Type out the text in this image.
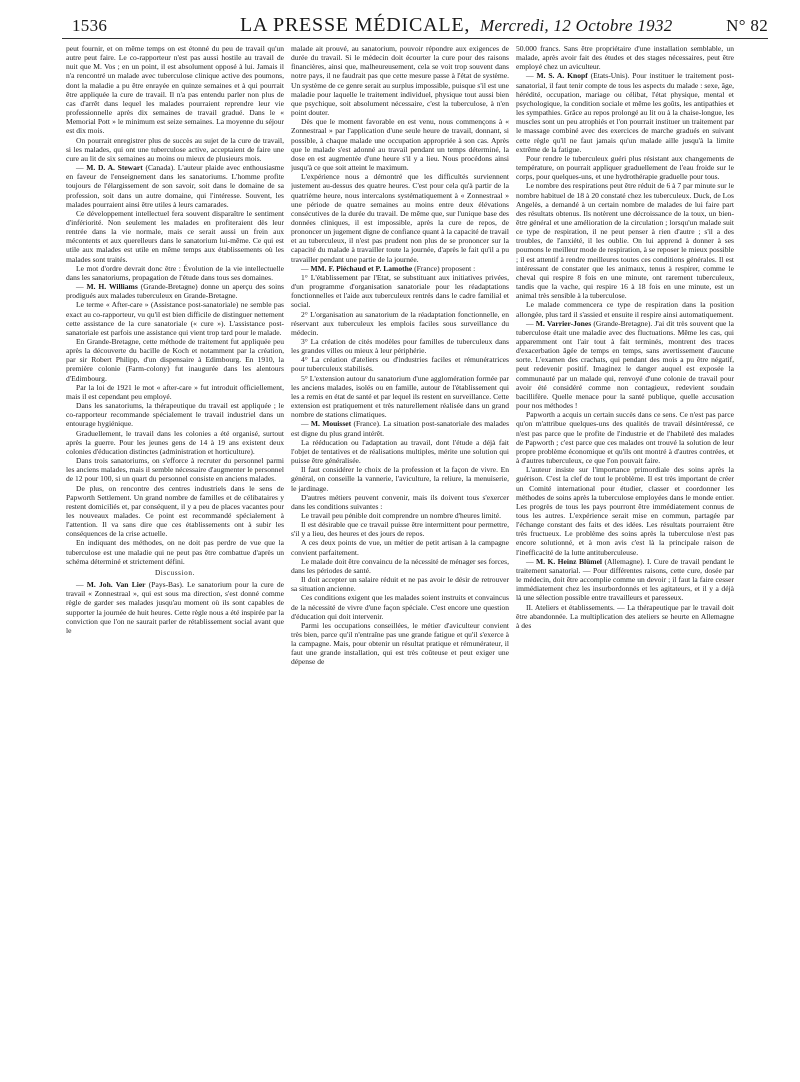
1536	LA PRESSE MÉDICALE, Mercredi, 12 Octobre 1932	N° 82

peut fournir, et on même temps on est étonné du peu de travail qu'un autre peut faire. Le co-rapporteur n'est pas aussi hostile au travail de nuit que M. Vos ; en un point, il est absolument opposé à lui. Jamais il n'a rencontré un malade avec tuberculose clinique active des poumons, dont la maladie a pu être enrayée en quinze semaines et à qui pourrait être appliquée la cure de travail. Il n'a pas entendu parler non plus de cas d'arrêt dans lequel les malades pourraient reprendre leur vie professionnelle après dix semaines de travail gradué. Dans le « Memorial Pott » le minimum est seize semaines. La moyenne du séjour est dix mois.

On pourrait enregistrer plus de succès au sujet de la cure de travail, si les malades, qui ont une tuberculose active, acceptaient de faire une cure au lit de six semaines au moins ou mieux de plusieurs mois.

— M. D. A. Stewart (Canada). L'auteur plaide avec enthousiasme en faveur de l'enseignement dans les sanatoriums. L'homme profite toujours de l'élargissement de son savoir, soit dans le domaine de sa profession, soit dans un autre domaine, qui l'intéresse. Souvent, les malades pourraient ainsi être utiles à leurs camarades.

Ce développement intellectuel fera souvent disparaître le sentiment d'infériorité. Non seulement les malades en profiteraient dès leur rentrée dans la vie normale, mais ce serait aussi un frein aux mécontents et aux querelleurs dans le sanatorium lui-même. Ce qui est utile aux malades est utile en même temps aux établissements où les malades sont traités.

Le mot d'ordre devrait donc être : Évolution de la vie intellectuelle dans les sanatoriums, propagation de l'étude dans tous ses domaines.

— M. H. Williams (Grande-Bretagne) donne un aperçu des soins prodigués aux malades tuberculeux en Grande-Bretagne.

Le terme « After-care » (Assistance post-sanatoriale) ne semble pas exact au co-rapporteur, vu qu'il est bien difficile de distinguer nettement cette assistance de la cure sanatoriale (« cure »). L'assistance post-sanatoriale est parfois une assistance qui vient trop tard pour le malade.

En Grande-Bretagne, cette méthode de traitement fut appliquée peu après la découverte du bacille de Koch et notamment par la création, par sir Robert Philipp, d'un dispensaire à Edimbourg. En 1910, la première colonie (Farm-colony) fut inaugurée dans les alentours d'Edimbourg.

Par la loi de 1921 le mot « after-care » fut introduit officiellement, mais il est cependant peu employé.

Dans les sanatoriums, la thérapeutique du travail est appliquée ; le co-rapporteur recommande spécialement le travail industriel dans un entourage hygiénique.

Graduellement, le travail dans les colonies a été organisé, surtout après la guerre. Pour les jeunes gens de 14 à 19 ans existent deux colonies d'éducation distinctes (administration et horticulture).

Dans trois sanatoriums, on s'efforce à recruter du personnel parmi les anciens malades, mais il semble nécessaire d'augmenter le personnel de 12 pour 100, si un quart du personnel consiste en anciens malades.

De plus, on rencontre des centres industriels dans le sens de Papworth Settlement. Un grand nombre de familles et de célibataires y restent domiciliés et, par conséquent, il y a peu de places vacantes pour les nouveaux malades. Ce point est recommandé spécialement à l'attention. Il va sans dire que ces établissements ont à subir les conséquences de la crise actuelle.

En indiquant des méthodes, on ne doit pas perdre de vue que la tuberculose est une maladie qui ne peut pas être combattue d'après un schéma déterminé et strictement défini.

Discussion.

— M. Joh. Van Lier (Pays-Bas). Le sanatorium pour la cure de travail « Zonnestraal », qui est sous ma direction, s'est donné comme règle de garder ses malades jusqu'au moment où ils sont capables de supporter la journée de huit heures. Cette règle nous a été inspirée par la conviction que l'on ne saurait parler de rétablissement social avant que le

malade ait prouvé, au sanatorium, pouvoir répondre aux exigences de durée du travail. Si le médecin doit écourter la cure pour des raisons financières, ainsi que, malheureusement, cela se voit trop souvent dans notre pays, il ne faudrait pas que cette mesure passe à l'état de système. Un système de ce genre serait au surplus impossible, puisque s'il est une maladie pour laquelle le traitement individuel, physique tout aussi bien que psychique, soit absolument nécessaire, c'est la tuberculose, à n'en point douter.

Dès que le moment favorable en est venu, nous commençons à « Zonnestraal » par l'application d'une seule heure de travail, donnant, si possible, à chaque malade une occupation appropriée à son cas. Après que le malade s'est adonné au travail pendant un temps déterminé, la dose en est augmentée d'une heure s'il y a lieu. Nous procédons ainsi jusqu'à ce que soit atteint le maximum.

L'expérience nous a démontré que les difficultés surviennent justement au-dessus des quatre heures. C'est pour cela qu'à partir de la quatrième heure, nous intercalons systématiquement à « Zonnestraal » une période de quatre semaines au moins entre deux élévations consécutives de la durée du travail. De même que, sur l'unique base des données cliniques, il est impossible, après la cure de repos, de prononcer un jugement digne de confiance quant à la capacité de travail et au tuberculeux, il n'est pas prudent non plus de se prononcer sur la capacité du malade à travailler toute la journée, d'après le fait qu'il a pu travailler pendant une partie de la journée.

— MM. F. Piéchaud et P. Lamothe (France) proposent :

1° L'établissement par l'Etat, se substituant aux initiatives privées, d'un programme d'organisation sanatoriale pour les réadaptations fonctionnelles et l'aide aux tuberculeux rentrés dans le cadre familial et social.

2° L'organisation au sanatorium de la réadaptation fonctionnelle, en réservant aux tuberculeux les emplois faciles sous surveillance du médecin.

3° La création de cités modèles pour familles de tuberculeux dans les grandes villes ou mieux à leur périphérie.

4° La création d'ateliers ou d'industries faciles et rémunératrices pour tuberculeux stabilisés.

5° L'extension autour du sanatorium d'une agglomération formée par les anciens malades, isolés ou en famille, autour de l'établissement qui les a remis en état de santé et par lequel ils restent en surveillance. Cette extension est pratiquement et très naturellement réalisée dans un grand nombre de stations climatiques.

— M. Mouisset (France). La situation post-sanatoriale des malades est digne du plus grand intérêt.

La rééducation ou l'adaptation au travail, dont l'étude a déjà fait l'objet de tentatives et de réalisations multiples, mérite une solution qui puisse être généralisée.

Il faut considérer le choix de la profession et la façon de vivre. En général, on conseille la vannerie, l'aviculture, la reliure, la menuiserie, le jardinage.

D'autres métiers peuvent convenir, mais ils doivent tous s'exercer dans les conditions suivantes :

Le travail peu pénible doit comprendre un nombre d'heures limité.

Il est désirable que ce travail puisse être intermittent pour permettre, s'il y a lieu, des heures et des jours de repos.

A ces deux points de vue, un métier de petit artisan à la campagne convient parfaitement.

Le malade doit être convaincu de la nécessité de ménager ses forces, dans les périodes de santé.

Il doit accepter un salaire réduit et ne pas avoir le désir de retrouver sa situation ancienne.

Ces conditions exigent que les malades soient instruits et convaincus de la nécessité de vivre d'une façon spéciale. C'est encore une question d'éducation qui doit intervenir.

Parmi les occupations conseillées, le métier d'aviculteur convient très bien, parce qu'il n'entraîne pas une grande fatigue et qu'il s'exerce à la campagne. Mais, pour obtenir un résultat pratique et rémunérateur, il faut une grande installation, qui est très coûteuse et peut exiger une dépense de

50.000 francs. Sans être propriétaire d'une installation semblable, un malade, après avoir fait des études et des stages nécessaires, peut être employé chez un aviculteur.

— M. S. A. Knopf (Etats-Unis). Pour instituer le traitement post-sanatorial, il faut tenir compte de tous les aspects du malade : sexe, âge, hérédité, occupation, mariage ou célibat, l'état physique, mental et psychologique, la condition sociale et même les goûts, les antipathies et les sympathies. Grâce au repos prolongé au lit ou à la chaise-longue, les muscles sont un peu atrophiés et l'on pourrait instituer un traitement par le massage combiné avec des exercices de marche gradués en suivant cette règle qu'il ne faut jamais qu'un malade aille jusqu'à la limite extrême de la fatigue.

Pour rendre le tuberculeux guéri plus résistant aux changements de température, on pourrait appliquer graduellement de l'eau froide sur le corps, pour quelques-uns, et une hydrothérapie graduelle pour tous.

Le nombre des respirations peut être réduit de 6 à 7 par minute sur le nombre habituel de 18 à 20 constaté chez les tuberculeux. Duck, de Los Angelès, a demandé à un certain nombre de malades de lui faire part des résultats obtenus. Ils notèrent une décroissance de la toux, un bien-être général et une amélioration de la circulation ; lorsqu'un malade suit ce type de respiration, il ne peut penser à rien d'autre ; s'il a des troubles, de l'anxiété, il les oublie. On lui apprend à donner à ses poumons le meilleur mode de respiration, à se reposer le mieux possible ; il est attentif à rendre meilleures toutes ces conditions générales. Il est intéressant de constater que les animaux, tenus à respirer, comme le cheval qui respire 8 fois en une minute, ont rarement tuberculeux, tandis que la vache, qui respire 16 à 18 fois en une minute, est un animal très sensible à la tuberculose.

Le malade commencera ce type de respiration dans la position allongée, plus tard il s'assied et ensuite il respire ainsi automatiquement.

— M. Varrier-Jones (Grande-Bretagne). J'ai dit très souvent que la tuberculose était une maladie avec des fluctuations. Même les cas, qui apparemment ont l'air tout à fait terminés, montrent des traces d'exacerbation âgée de temps en temps, sans avertissement d'aucune sorte. L'examen des crachats, qui pendant des mois a pu être négatif, peut redevenir positif. Imaginez le danger auquel est exposée la communauté par un malade qui, renvoyé d'une colonie de travail pour avoir été considéré comme non contagieux, redevient soudain bacillifère. Quelle menace pour la santé publique, quelle accusation pour nos méthodes !

Papworth a acquis un certain succès dans ce sens. Ce n'est pas parce qu'on m'attribue quelques-uns des qualités de travail désintéressé, ce n'est pas parce que le profite de l'industrie et de l'habileté des malades de Papworth ; c'est parce que ces malades ont trouvé la solution de leur propre problème économique et qu'ils ont montré à d'autres contrées, et à d'autres tuberculeux, ce que l'on pouvait faire.

L'auteur insiste sur l'importance primordiale des soins après la guérison. C'est la clef de tout le problème. Il est très important de créer un Comité international pour étudier, classer et coordonner les méthodes de soins après la tuberculose employées dans le monde entier. Les progrès de tous les pays pourront être immédiatement connus de tous les autres. L'expérience serait mise en commun, partagée par l'échange constant des faits et des idées. Les résultats pourraient être très fructueux. Le problème des soins après la tuberculose n'est pas encore solutionné, et à mon avis c'est là la principale raison de l'inefficacité de la lutte antituberculeuse.

— M. K. Heinz Blümel (Allemagne). I. Cure de travail pendant le traitement sanatorial. — Pour différentes raisons, cette cure, dosée par le médecin, doit être accomplie comme un devoir ; il faut la faire cesser immédiatement chez les insurbordonnés et les agitateurs, et il y a déjà là une sélection possible entre travailleurs et paresseux.

II. Ateliers et établissements. — La thérapeutique par le travail doit être abandonnée. La multiplication des ateliers se heurte en Allemagne à des
